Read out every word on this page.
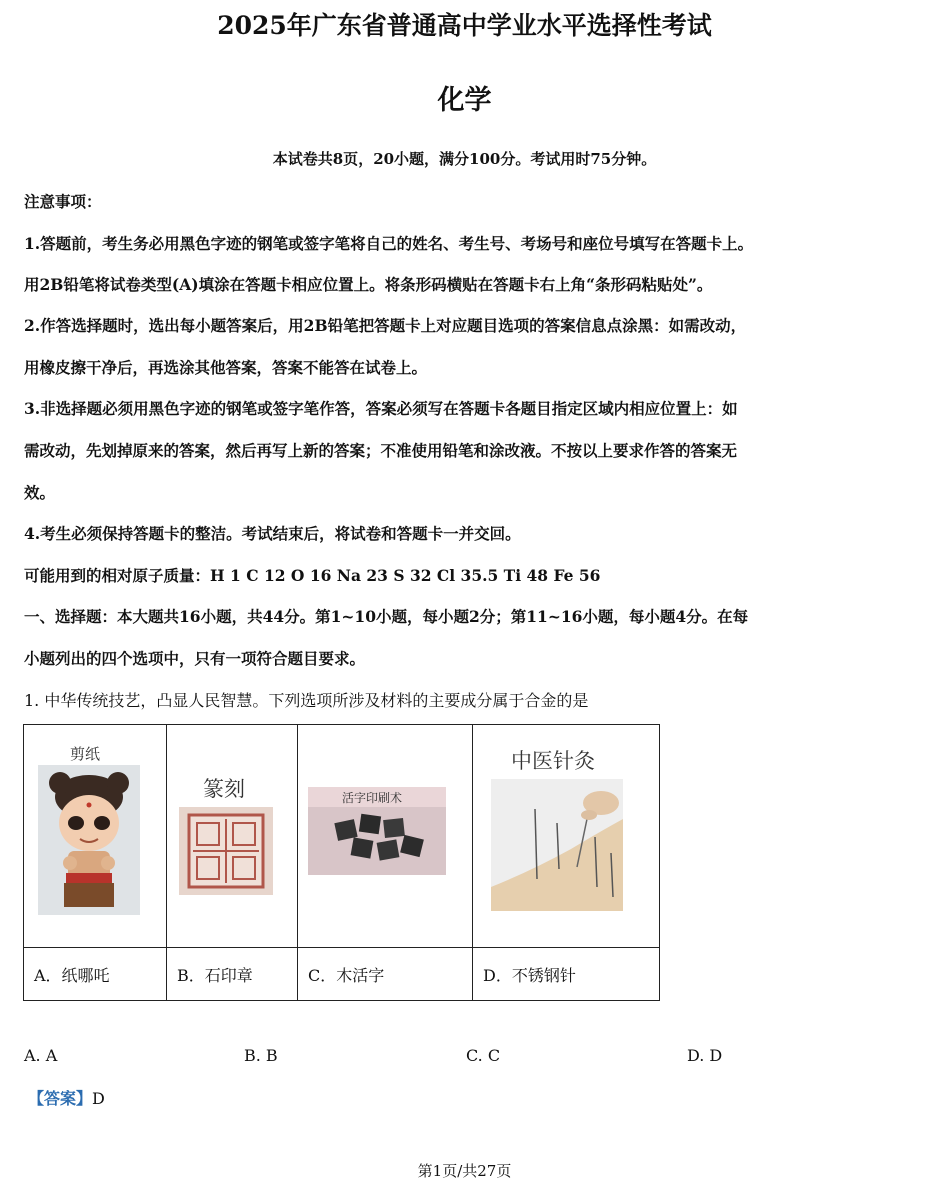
2025年广东省普通高中学业水平选择性考试
化学
本试卷共8页，20小题，满分100分。考试用时75分钟。
注意事项：
1.答题前，考生务必用黑色字迹的钢笔或签字笔将自己的姓名、考生号、考场号和座位号填写在答题卡上。
用2B铅笔将试卷类型(A)填涂在答题卡相应位置上。将条形码横贴在答题卡右上角“条形码粘贴处”。
2.作答选择题时，选出每小题答案后，用2B铅笔把答题卡上对应题目选项的答案信息点涂黑：如需改动，
用橡皮擦干净后，再选涂其他答案，答案不能答在试卷上。
3.非选择题必须用黑色字迹的钢笔或签字笔作答，答案必须写在答题卡各题目指定区域内相应位置上：如
需改动，先划掉原来的答案，然后再写上新的答案；不准使用铅笔和涂改液。不按以上要求作答的答案无
效。
4.考生必须保持答题卡的整洁。考试结束后，将试卷和答题卡一并交回。
可能用到的相对原子质量：H 1 C 12 O 16 Na 23 S 32 Cl 35.5 Ti 48 Fe 56
一、选择题：本大题共16小题，共44分。第1~10小题，每小题2分；第11~16小题，每小题4分。在每
小题列出的四个选项中，只有一项符合题目要求。
1. 中华传统技艺，凸显人民智慧。下列选项所涉及材料的主要成分属于合金的是
剪纸	篆刻	活字印刷术	中医针灸

A．纸哪吒	B．石印章	C．木活字	D．不锈钢针
A. A	B. B	C. C	D. D
【答案】D
第1页/共27页
